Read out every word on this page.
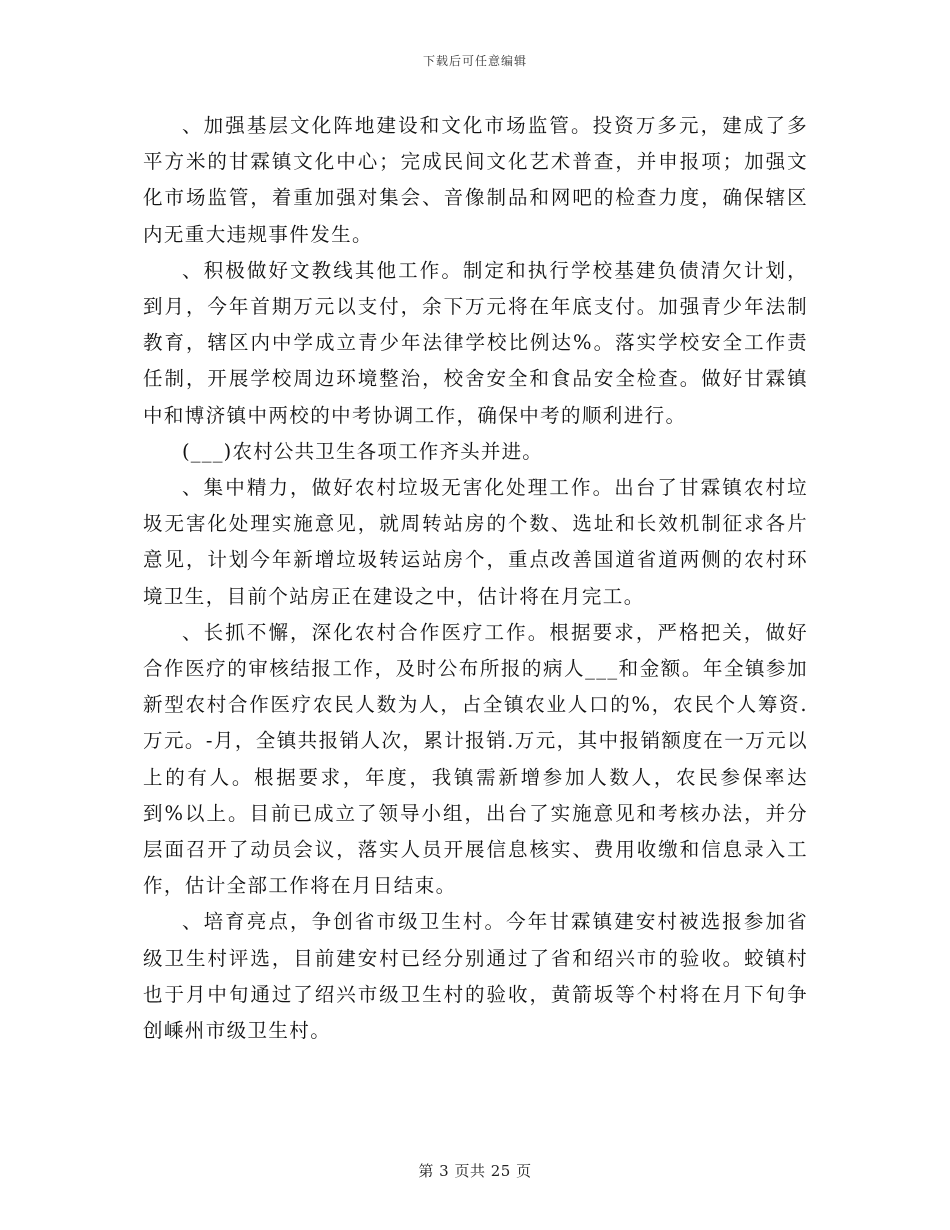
下载后可任意编辑

、加强基层文化阵地建设和文化市场监管。投资万多元，建成了多平方米的甘霖镇文化中心；完成民间文化艺术普查，并申报项；加强文化市场监管，着重加强对集会、音像制品和网吧的检查力度，确保辖区内无重大违规事件发生。

、积极做好文教线其他工作。制定和执行学校基建负债清欠计划，到月，今年首期万元以支付，余下万元将在年底支付。加强青少年法制教育，辖区内中学成立青少年法律学校比例达%。落实学校安全工作责任制，开展学校周边环境整治，校舍安全和食品安全检查。做好甘霖镇中和博济镇中两校的中考协调工作，确保中考的顺利进行。

(___)农村公共卫生各项工作齐头并进。

、集中精力，做好农村垃圾无害化处理工作。出台了甘霖镇农村垃圾无害化处理实施意见，就周转站房的个数、选址和长效机制征求各片意见，计划今年新增垃圾转运站房个，重点改善国道省道两侧的农村环境卫生，目前个站房正在建设之中，估计将在月完工。

、长抓不懈，深化农村合作医疗工作。根据要求，严格把关，做好合作医疗的审核结报工作，及时公布所报的病人___和金额。年全镇参加新型农村合作医疗农民人数为人，占全镇农业人口的%，农民个人筹资.万元。-月，全镇共报销人次，累计报销.万元，其中报销额度在一万元以上的有人。根据要求，年度，我镇需新增参加人数人，农民参保率达到%以上。目前已成立了领导小组，出台了实施意见和考核办法，并分层面召开了动员会议，落实人员开展信息核实、费用收缴和信息录入工作，估计全部工作将在月日结束。

、培育亮点，争创省市级卫生村。今年甘霖镇建安村被选报参加省级卫生村评选，目前建安村已经分别通过了省和绍兴市的验收。蛟镇村也于月中旬通过了绍兴市级卫生村的验收，黄箭坂等个村将在月下旬争创嵊州市级卫生村。

第 3 页共 25 页
